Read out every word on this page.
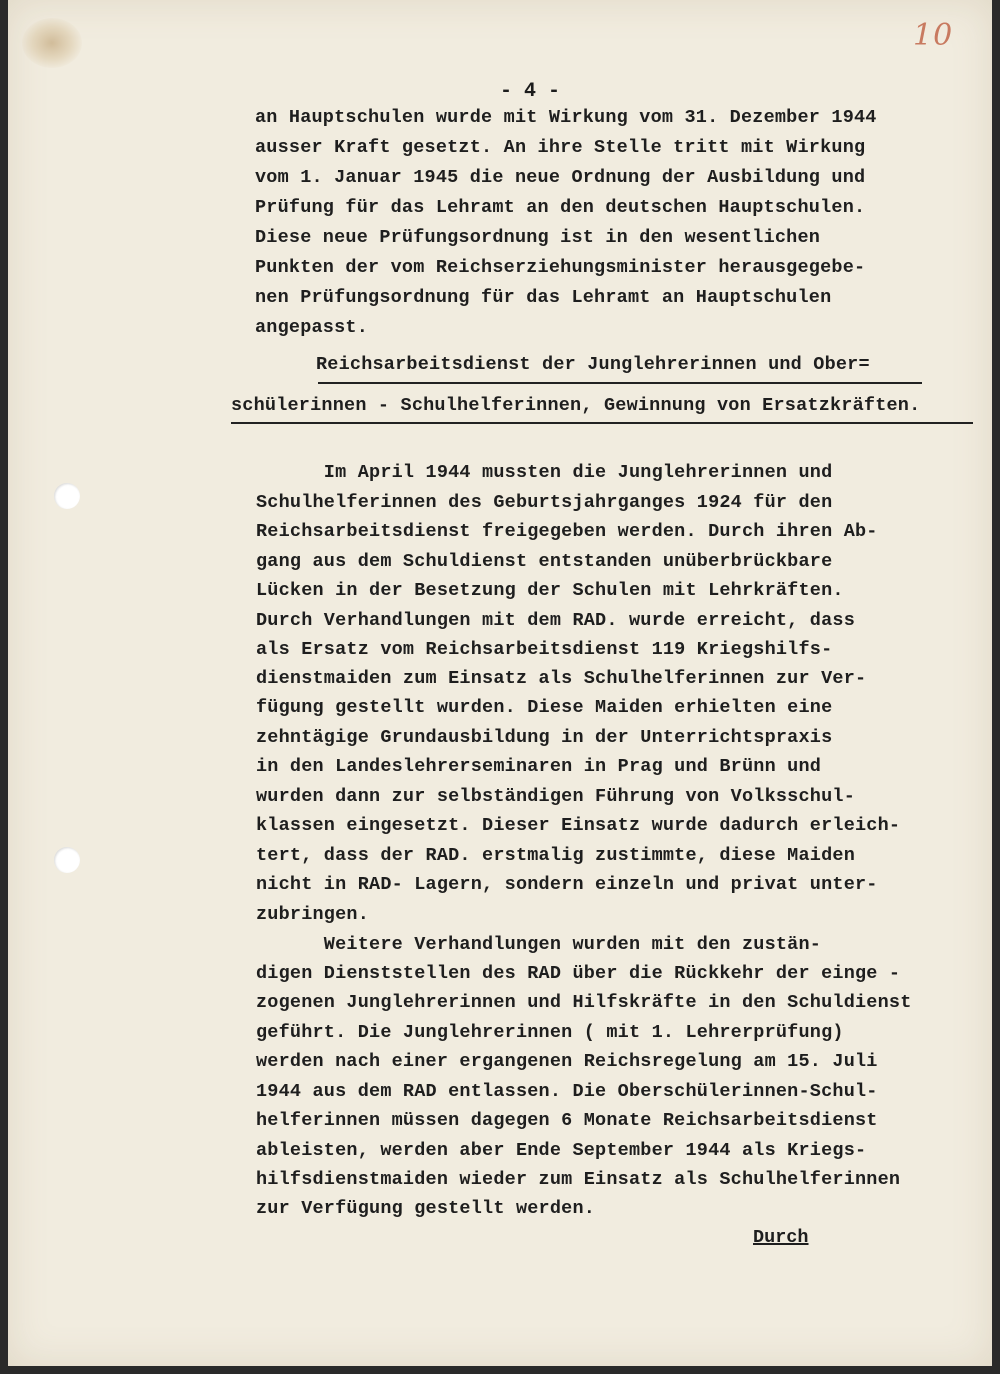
10
- 4 -
an Hauptschulen wurde mit Wirkung vom 31. Dezember 1944
ausser Kraft gesetzt. An ihre Stelle tritt mit Wirkung
vom 1. Januar 1945 die neue Ordnung der Ausbildung und
Prüfung für das Lehramt an den deutschen Hauptschulen.
Diese neue Prüfungsordnung ist in den wesentlichen
Punkten der vom Reichserziehungsminister herausgegebe-
nen Prüfungsordnung für das Lehramt an Hauptschulen
angepasst.
Reichsarbeitsdienst der Junglehrerinnen und Ober=
schülerinnen - Schulhelferinnen, Gewinnung von Ersatzkräften.
Im April 1944 mussten die Junglehrerinnen und
Schulhelferinnen des Geburtsjahrganges 1924 für den
Reichsarbeitsdienst freigegeben werden. Durch ihren Ab-
gang aus dem Schuldienst entstanden unüberbrückbare
Lücken in der Besetzung der Schulen mit Lehrkräften.
Durch Verhandlungen mit dem RAD. wurde erreicht, dass
als Ersatz vom Reichsarbeitsdienst 119 Kriegshilfs-
dienstmaiden zum Einsatz als Schulhelferinnen zur Ver-
fügung gestellt wurden. Diese Maiden erhielten eine
zehntägige Grundausbildung in der Unterrichtspraxis
in den Landeslehrerseminaren in Prag und Brünn und
wurden dann zur selbständigen Führung von Volksschul-
klassen eingesetzt. Dieser Einsatz wurde dadurch erleich-
tert, dass der RAD. erstmalig zustimmte, diese Maiden
nicht in RAD- Lagern, sondern einzeln und privat unter-
zubringen.
Weitere Verhandlungen wurden mit den zustän-
digen Dienststellen des RAD über die Rückkehr der einge -
zogenen Junglehrerinnen und Hilfskräfte in den Schuldienst
geführt. Die Junglehrerinnen ( mit 1. Lehrerprüfung)
werden nach einer ergangenen Reichsregelung am 15. Juli
1944 aus dem RAD entlassen. Die Oberschülerinnen-Schul-
helferinnen müssen dagegen 6 Monate Reichsarbeitsdienst
ableisten, werden aber Ende September 1944 als Kriegs-
hilfsdienstmaiden wieder zum Einsatz als Schulhelferinnen
zur Verfügung gestellt werden.
Durch
